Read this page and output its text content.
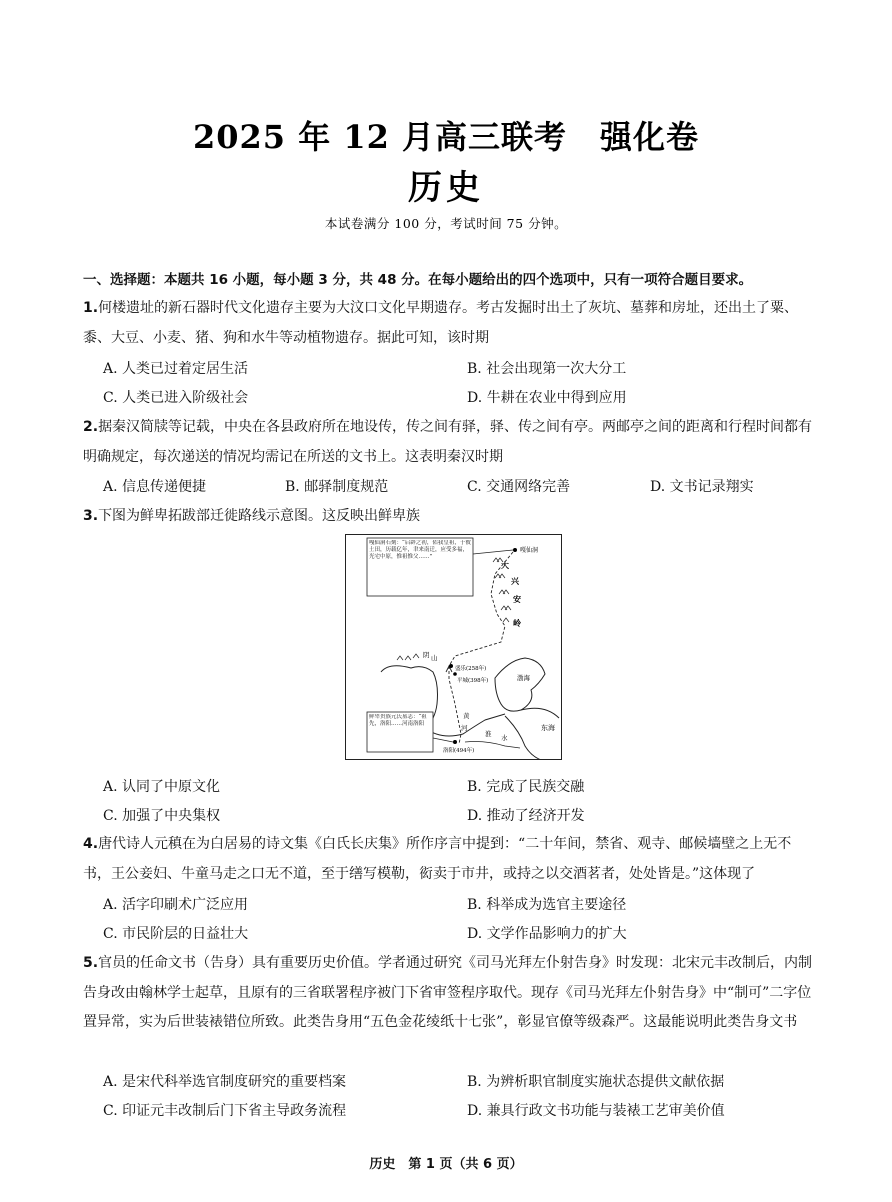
2025 年 12 月高三联考　强化卷
历史
本试卷满分 100 分，考试时间 75 分钟。
一、选择题：本题共 16 小题，每小题 3 分，共 48 分。在每小题给出的四个选项中，只有一项符合题目要求。
1.何楼遗址的新石器时代文化遗存主要为大汶口文化早期遗存。考古发掘时出土了灰坑、墓葬和房址，还出土了粟、黍、大豆、小麦、猪、狗和水牛等动植物遗存。据此可知，该时期
A. 人类已过着定居生活	B. 社会出现第一次大分工
C. 人类已进入阶级社会	D. 牛耕在农业中得到应用
2.据秦汉简牍等记载，中央在各县政府所在地设传，传之间有驿，驿、传之间有亭。两邮亭之间的距离和行程时间都有明确规定，每次递送的情况均需记在所送的文书上。这表明秦汉时期
A. 信息传递便捷	B. 邮驿制度规范	C. 交通网络完善	D. 文书记录翔实
3.下图为鲜卑拓跋部迁徙路线示意图。这反映出鲜卑族
嘎仙洞石刻：“启辟之初，佑我皇祖，于彼土田，历载亿年，聿来南迁，应受多福，光宅中原，惟祖惟父……”
嘎仙洞
大
兴
安
岭
阴 山
盛乐(258年)
平城(398年)
洛阳(494年)
黄
河
淮 水
渤海
东海
鲜卑贵族元氏墓志：“祖先，洛阳……河南洛阳
A. 认同了中原文化	B. 完成了民族交融
C. 加强了中央集权	D. 推动了经济开发
4.唐代诗人元稹在为白居易的诗文集《白氏长庆集》所作序言中提到：“二十年间，禁省、观寺、邮候墙壁之上无不书，王公妾妇、牛童马走之口无不道，至于缮写模勒，衒卖于市井，或持之以交酒茗者，处处皆是。”这体现了
A. 活字印刷术广泛应用	B. 科举成为选官主要途径
C. 市民阶层的日益壮大	D. 文学作品影响力的扩大
5.官员的任命文书（告身）具有重要历史价值。学者通过研究《司马光拜左仆射告身》时发现：北宋元丰改制后，内制告身改由翰林学士起草，且原有的三省联署程序被门下省审签程序取代。现存《司马光拜左仆射告身》中“制可”二字位置异常，实为后世装裱错位所致。此类告身用“五色金花绫纸十七张”，彰显官僚等级森严。这最能说明此类告身文书
A. 是宋代科举选官制度研究的重要档案	B. 为辨析职官制度实施状态提供文献依据
C. 印证元丰改制后门下省主导政务流程	D. 兼具行政文书功能与装裱工艺审美价值
历史　第 1 页（共 6 页）
